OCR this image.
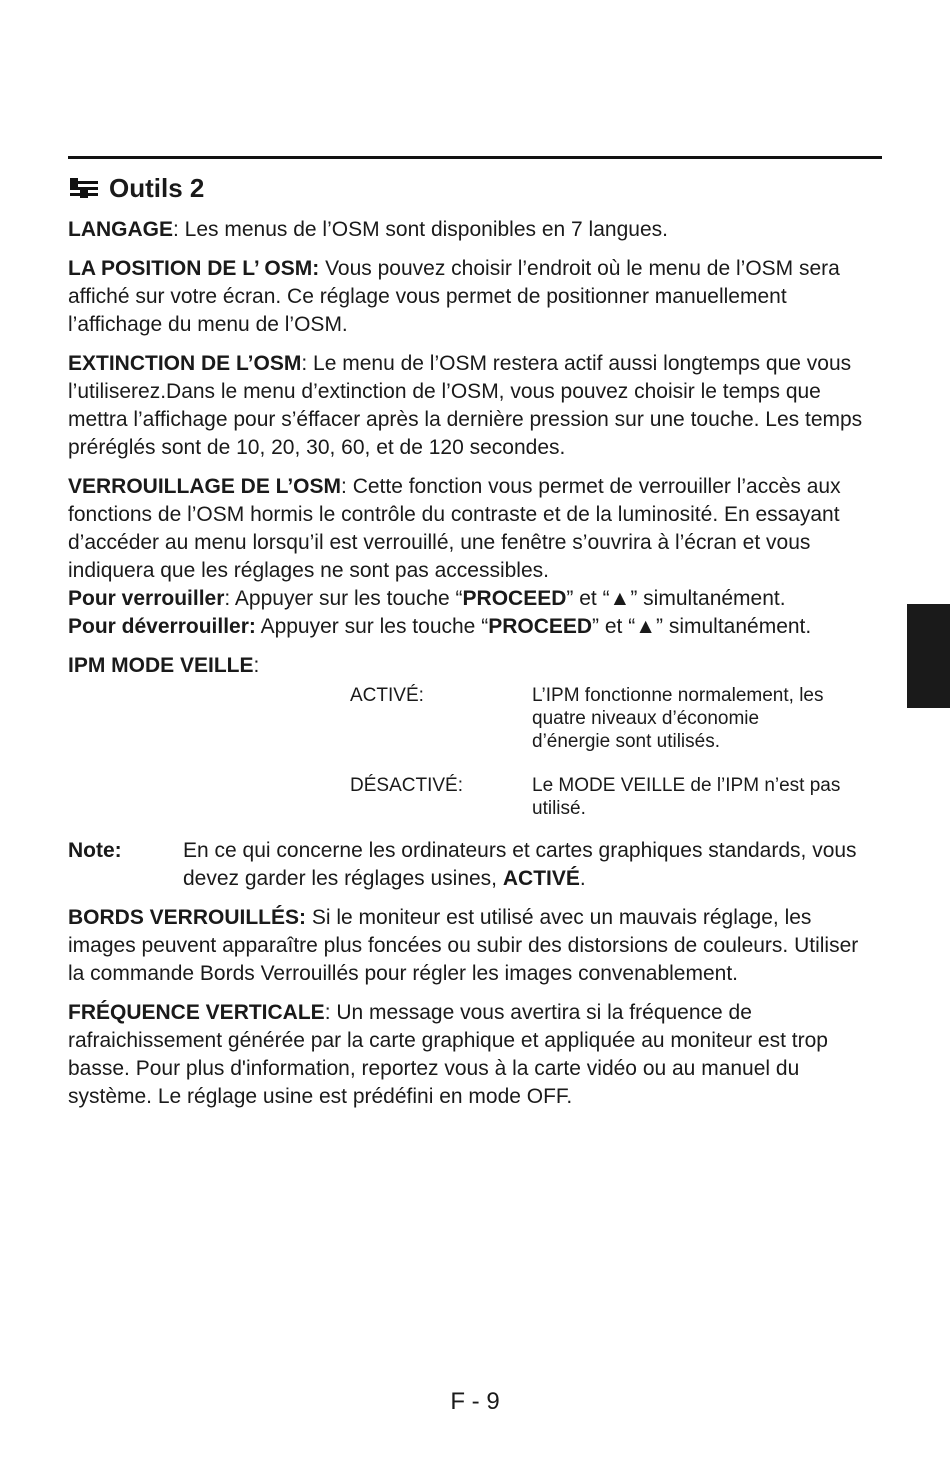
Outils 2

LANGAGE: Les menus de l’OSM sont disponibles en 7 langues.

LA POSITION DE L’ OSM: Vous pouvez choisir l’endroit où le menu de l’OSM sera affiché sur votre écran. Ce réglage vous permet de positionner manuellement l’affichage du menu de l’OSM.

EXTINCTION DE L’OSM: Le menu de l’OSM restera actif aussi longtemps que vous l’utiliserez.Dans le menu d’extinction de l’OSM, vous pouvez choisir le temps que mettra l’affichage pour s’éffacer après la dernière pression sur une touche. Les temps préréglés sont de 10, 20, 30, 60, et de 120 secondes.

VERROUILLAGE DE L’OSM: Cette fonction vous permet de verrouiller l’accès aux fonctions de l’OSM hormis le contrôle du contraste et de la luminosité. En essayant d’accéder au menu lorsqu’il est verrouillé, une fenêtre s’ouvrira à l’écran et vous indiquera que les réglages ne sont pas accessibles.

Pour verrouiller: Appuyer sur les touche “PROCEED” et “▲” simultanément.

Pour déverrouiller: Appuyer sur les touche “PROCEED” et “▲” simultanément.

IPM MODE VEILLE:

ACTIVÉ:	L’IPM fonctionne normalement, les quatre niveaux d’économie d’énergie sont utilisés.
DÉSACTIVÉ:	Le MODE VEILLE de l’IPM n’est pas utilisé.
Note:	En ce qui concerne les ordinateurs et cartes graphiques standards, vous devez garder les réglages usines, ACTIVÉ.

BORDS VERROUILLÉS: Si le moniteur est utilisé avec un mauvais réglage, les images peuvent apparaître plus foncées ou subir des distorsions de couleurs. Utiliser la commande Bords Verrouillés pour régler les images convenablement.

FRÉQUENCE VERTICALE: Un message vous avertira si la fréquence de rafraichissement générée par la carte graphique et appliquée au moniteur est trop basse. Pour plus d'information, reportez vous à la carte vidéo ou au manuel du système. Le réglage usine est prédéfini en mode OFF.

F - 9
